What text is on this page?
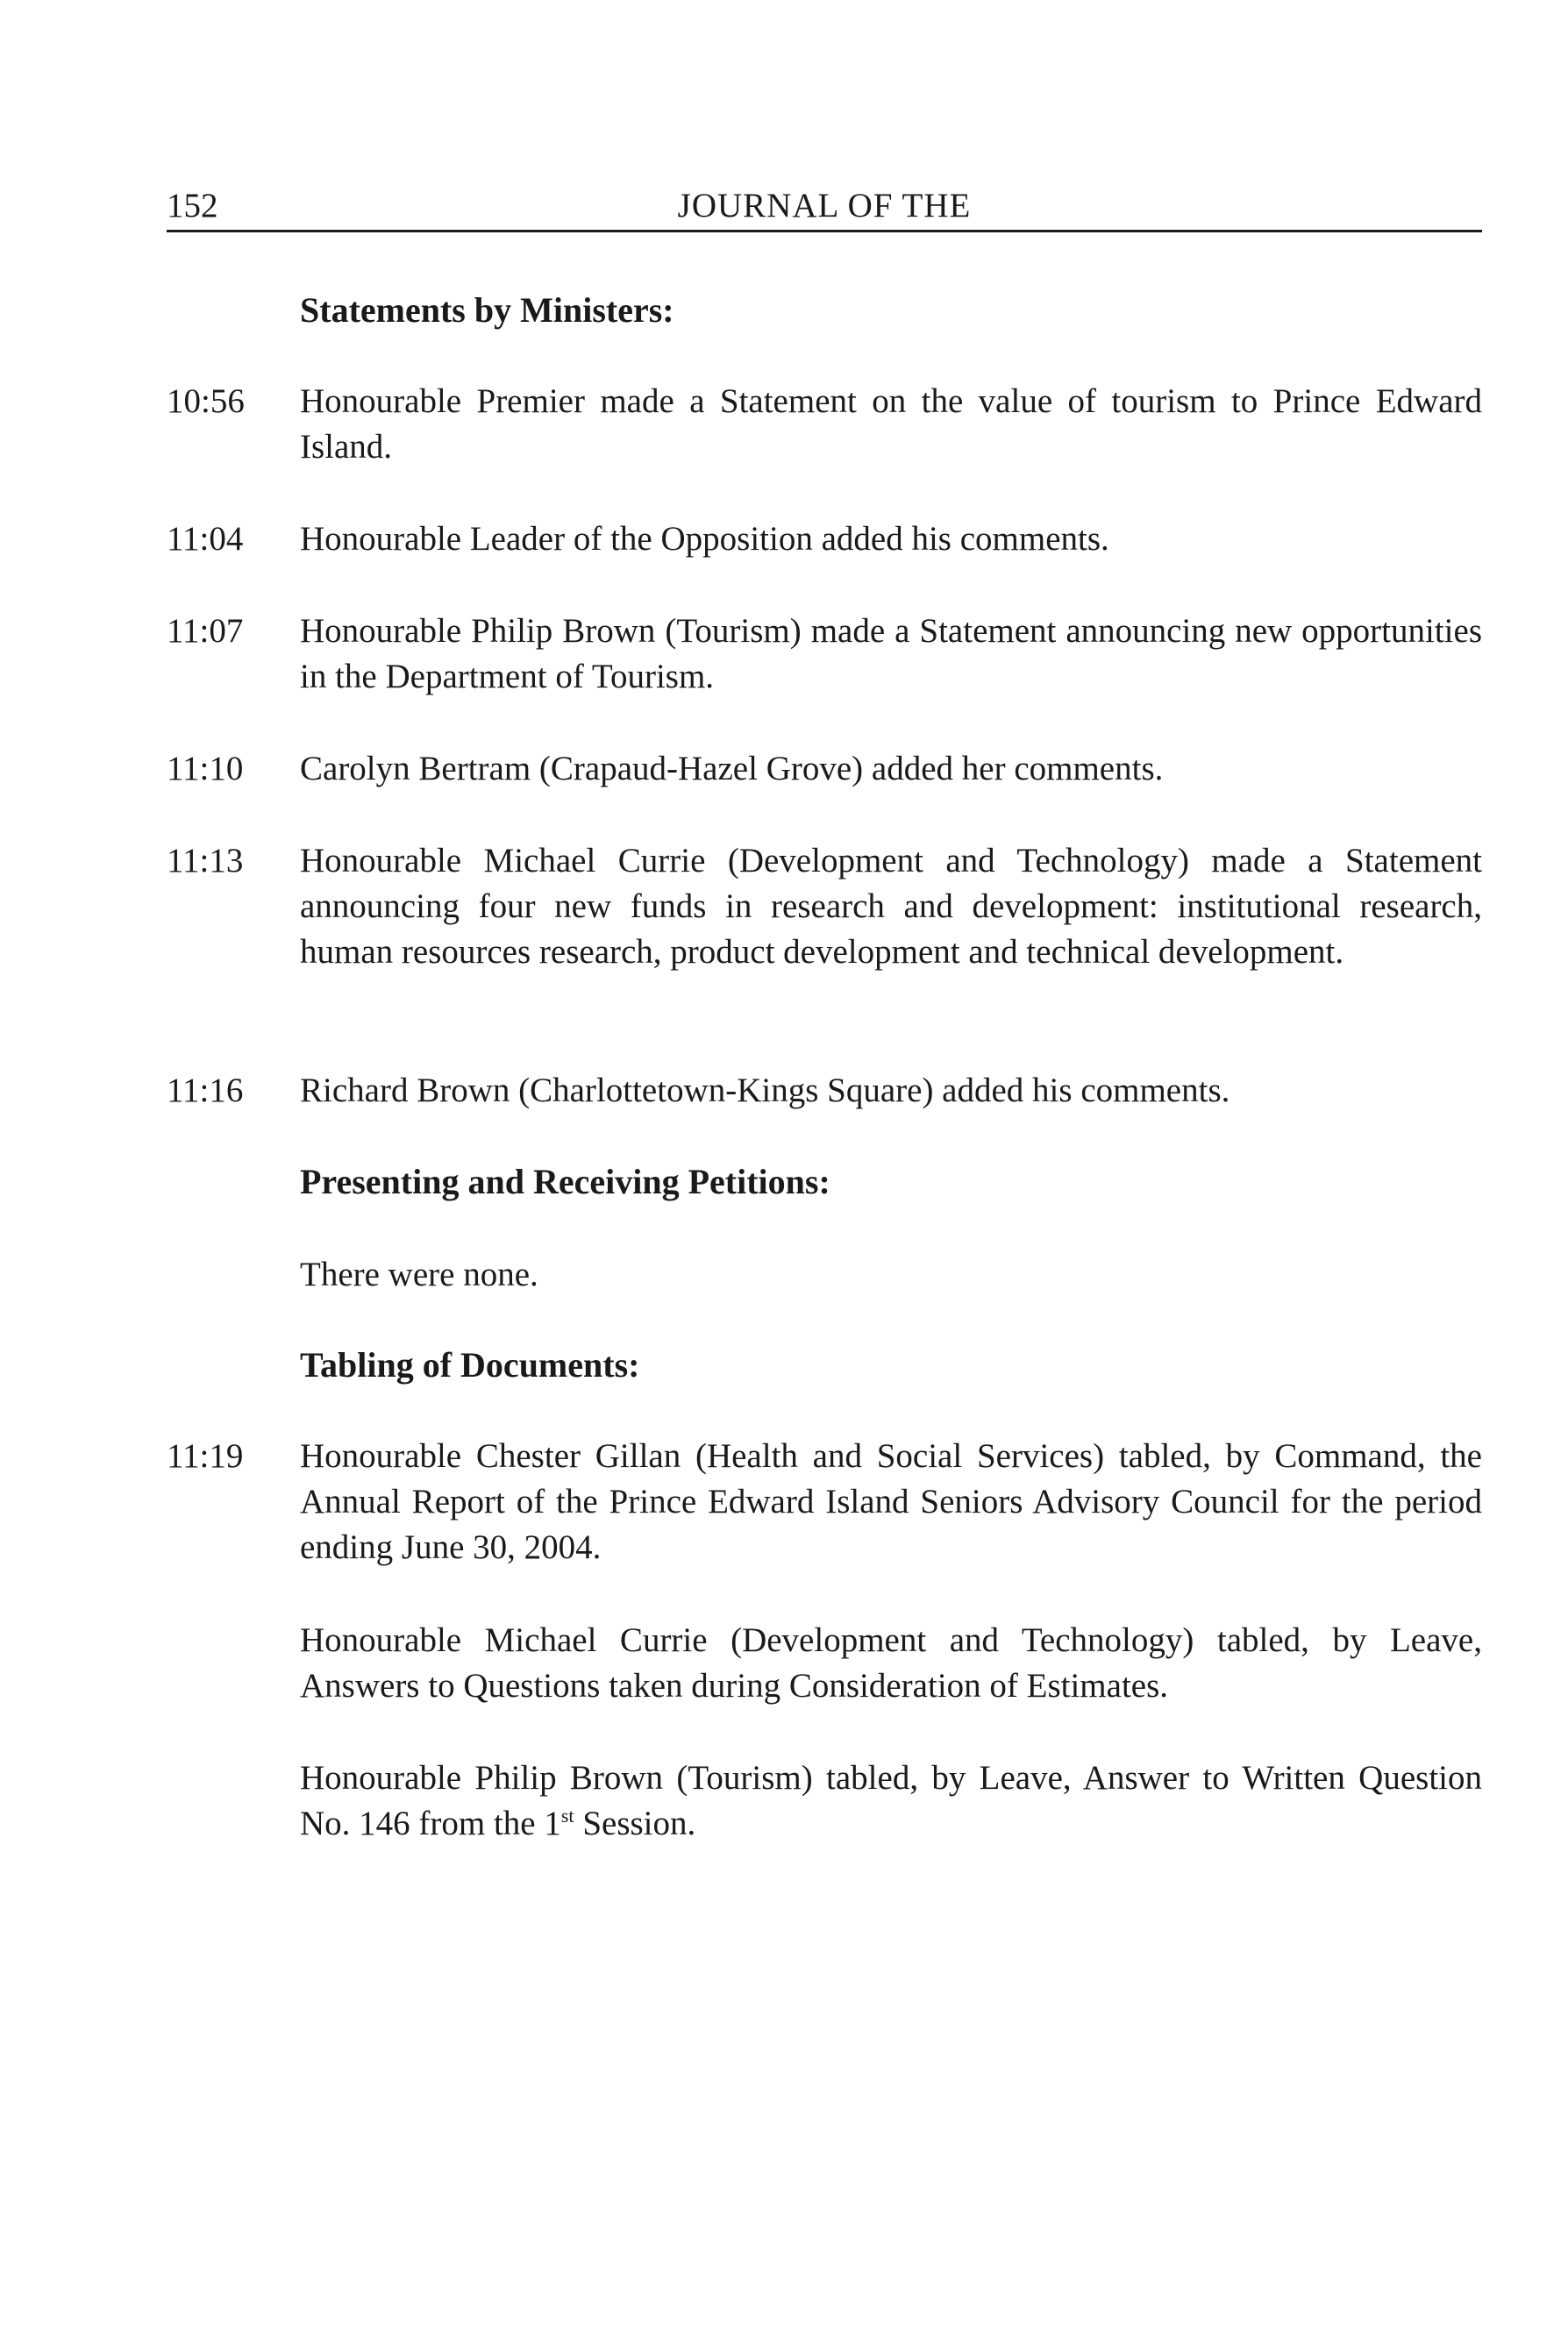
152	JOURNAL OF THE
Statements by Ministers:
10:56 Honourable Premier made a Statement on the value of tourism to Prince Edward Island.
11:04 Honourable Leader of the Opposition added his comments.
11:07 Honourable Philip Brown (Tourism) made a Statement announcing new opportunities in the Department of Tourism.
11:10 Carolyn Bertram (Crapaud-Hazel Grove) added her comments.
11:13 Honourable Michael Currie (Development and Technology) made a Statement announcing four new funds in research and development: institutional research, human resources research, product development and technical development.
11:16 Richard Brown (Charlottetown-Kings Square) added his comments.
Presenting and Receiving Petitions:
There were none.
Tabling of Documents:
11:19 Honourable Chester Gillan (Health and Social Services) tabled, by Command, the Annual Report of the Prince Edward Island Seniors Advisory Council for the period ending June 30, 2004.
Honourable Michael Currie (Development and Technology) tabled, by Leave, Answers to Questions taken during Consideration of Estimates.
Honourable Philip Brown (Tourism) tabled, by Leave, Answer to Written Question No. 146 from the 1st Session.
